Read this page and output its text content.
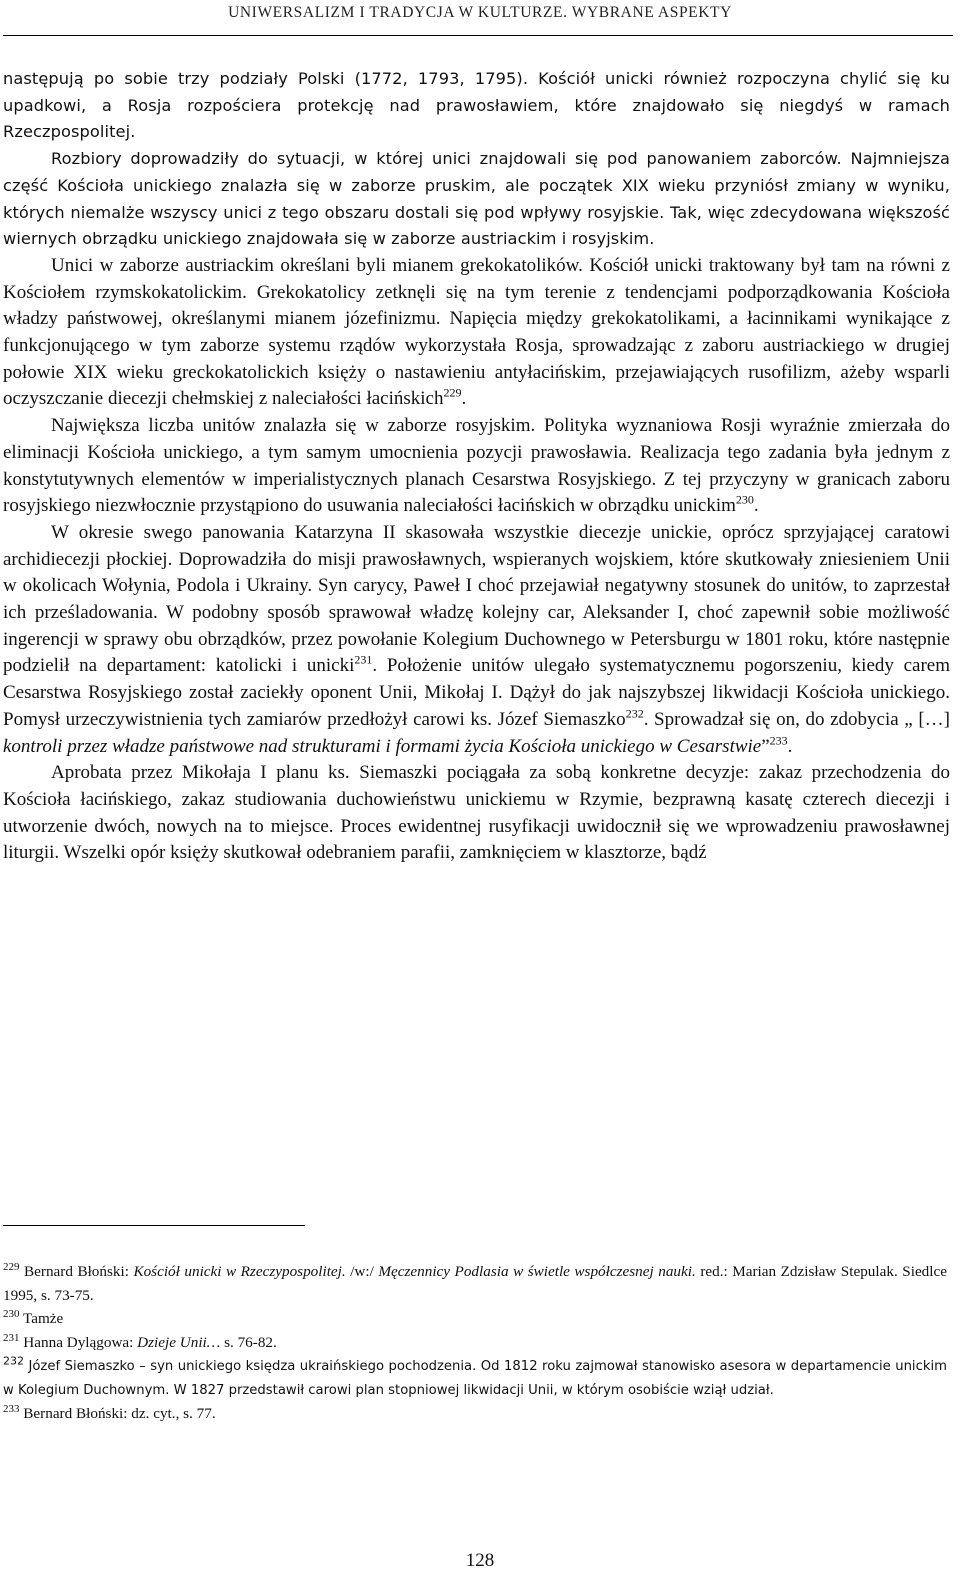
UNIWERSALIZM I TRADYCJA W KULTURZE. WYBRANE ASPEKTY

następują po sobie trzy podziały Polski (1772, 1793, 1795). Kościół unicki również rozpoczyna chylić się ku upadkowi, a Rosja rozpościera protekcję nad prawosławiem, które znajdowało się niegdyś w ramach Rzeczpospolitej.

Rozbiory doprowadziły do sytuacji, w której unici znajdowali się pod panowaniem zaborców. Najmniejsza część Kościoła unickiego znalazła się w zaborze pruskim, ale początek XIX wieku przyniósł zmiany w wyniku, których niemalże wszyscy unici z tego obszaru dostali się pod wpływy rosyjskie. Tak, więc zdecydowana większość wiernych obrządku unickiego znajdowała się w zaborze austriackim i rosyjskim.

Unici w zaborze austriackim określani byli mianem grekokatolików. Kościół unicki traktowany był tam na równi z Kościołem rzymskokatolickim. Grekokatolicy zetknęli się na tym terenie z tendencjami podporządkowania Kościoła władzy państwowej, określanymi mianem józefinizmu. Napięcia między grekokatolikami, a łacinnikami wynikające z funkcjonującego w tym zaborze systemu rządów wykorzystała Rosja, sprowadzając z zaboru austriackiego w drugiej połowie XIX wieku greckokatolickich księży o nastawieniu antyłacińskim, przejawiających rusofilizm, ażeby wsparli oczyszczanie diecezji chełmskiej z naleciałości łacińskich$^{229}$.

Największa liczba unitów znalazła się w zaborze rosyjskim. Polityka wyznaniowa Rosji wyraźnie zmierzała do eliminacji Kościoła unickiego, a tym samym umocnienia pozycji prawosławia. Realizacja tego zadania była jednym z konstytutywnych elementów w imperialistycznych planach Cesarstwa Rosyjskiego. Z tej przyczyny w granicach zaboru rosyjskiego niezwłocznie przystąpiono do usuwania naleciałości łacińskich w obrządku unickim$^{230}$.

W okresie swego panowania Katarzyna II skasowała wszystkie diecezje unickie, oprócz sprzyjającej caratowi archidiecezji płockiej. Doprowadziła do misji prawosławnych, wspieranych wojskiem, które skutkowały zniesieniem Unii w okolicach Wołynia, Podola i Ukrainy. Syn carycy, Paweł I choć przejawiał negatywny stosunek do unitów, to zaprzestał ich prześladowania. W podobny sposób sprawował władzę kolejny car, Aleksander I, choć zapewnił sobie możliwość ingerencji w sprawy obu obrządków, przez powołanie Kolegium Duchownego w Petersburgu w 1801 roku, które następnie podzielił na departament: katolicki i unicki$^{231}$. Położenie unitów ulegało systematycznemu pogorszeniu, kiedy carem Cesarstwa Rosyjskiego został zaciekły oponent Unii, Mikołaj I. Dążył do jak najszybszej likwidacji Kościoła unickiego. Pomysł urzeczywistnienia tych zamiarów przedłożył carowi ks. Józef Siemaszko$^{232}$. Sprowadzał się on, do zdobycia „ […] kontroli przez władze państwowe nad strukturami i formami życia Kościoła unickiego w Cesarstwie”$^{233}$.

Aprobata przez Mikołaja I planu ks. Siemaszki pociągała za sobą konkretne decyzje: zakaz przechodzenia do Kościoła łacińskiego, zakaz studiowania duchowieństwu unickiemu w Rzymie, bezprawną kasatę czterech diecezji i utworzenie dwóch, nowych na to miejsce. Proces ewidentnej rusyfikacji uwidocznił się we wprowadzeniu prawosławnej liturgii. Wszelki opór księży skutkował odebraniem parafii, zamknięciem w klasztorze, bądź

$^{229}$ Bernard Błoński: Kościół unicki w Rzeczypospolitej. /w:/ Męczennicy Podlasia w świetle współczesnej nauki. red.: Marian Zdzisław Stepulak. Siedlce 1995, s. 73-75.

$^{230}$ Tamże

$^{231}$ Hanna Dylągowa: Dzieje Unii… s. 76-82.

$^{232}$ Józef Siemaszko – syn unickiego księdza ukraińskiego pochodzenia. Od 1812 roku zajmował stanowisko asesora w departamencie unickim w Kolegium Duchownym. W 1827 przedstawił carowi plan stopniowej likwidacji Unii, w którym osobiście wziął udział.

$^{233}$ Bernard Błoński: dz. cyt., s. 77.

128
